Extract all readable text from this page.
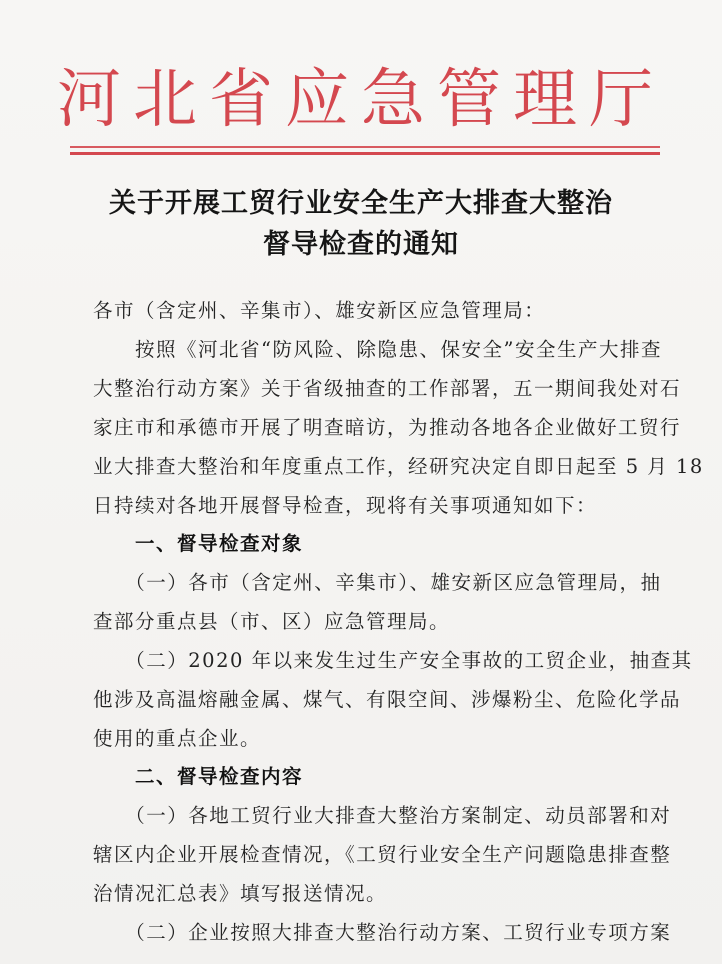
河北省应急管理厅
关于开展工贸行业安全生产大排查大整治
督导检查的通知
各市（含定州、辛集市）、雄安新区应急管理局：
　　按照《河北省“防风险、除隐患、保安全”安全生产大排查
大整治行动方案》关于省级抽查的工作部署，五一期间我处对石
家庄市和承德市开展了明查暗访，为推动各地各企业做好工贸行
业大排查大整治和年度重点工作，经研究决定自即日起至 5 月 18
日持续对各地开展督导检查，现将有关事项通知如下：
　　一、督导检查对象
　　（一）各市（含定州、辛集市）、雄安新区应急管理局，抽
查部分重点县（市、区）应急管理局。
　　（二）2020 年以来发生过生产安全事故的工贸企业，抽查其
他涉及高温熔融金属、煤气、有限空间、涉爆粉尘、危险化学品
使用的重点企业。
　　二、督导检查内容
　　（一）各地工贸行业大排查大整治方案制定、动员部署和对
辖区内企业开展检查情况，《工贸行业安全生产问题隐患排查整
治情况汇总表》填写报送情况。
　　（二）企业按照大排查大整治行动方案、工贸行业专项方案
